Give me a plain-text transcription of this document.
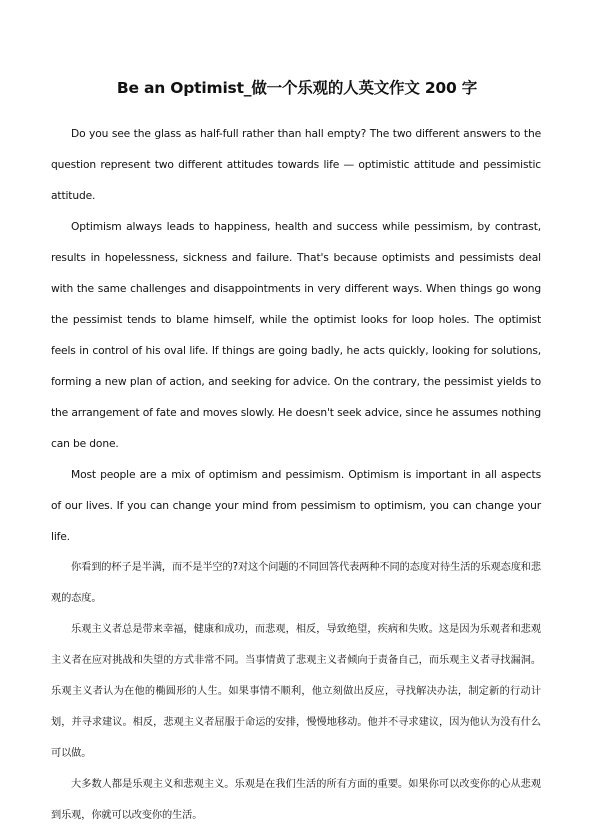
Be an Optimist_做一个乐观的人英文作文 200 字

Do you see the glass as half-full rather than hall empty? The two different answers to the question represent two different attitudes towards life — optimistic attitude and pessimistic attitude.

Optimism always leads to happiness, health and success while pessimism, by contrast, results in hopelessness, sickness and failure. That's because optimists and pessimists deal with the same challenges and disappointments in very different ways. When things go wong the pessimist tends to blame himself, while the optimist looks for loop holes. The optimist feels in control of his oval life. If things are going badly, he acts quickly, looking for solutions, forming a new plan of action, and seeking for advice. On the contrary, the pessimist yields to the arrangement of fate and moves slowly. He doesn't seek advice, since he assumes nothing can be done.

Most people are a mix of optimism and pessimism. Optimism is important in all aspects of our lives. If you can change your mind from pessimism to optimism, you can change your life.

你看到的杯子是半满，而不是半空的?对这个问题的不同回答代表两种不同的态度对待生活的乐观态度和悲观的态度。

乐观主义者总是带来幸福，健康和成功，而悲观，相反，导致绝望，疾病和失败。这是因为乐观者和悲观主义者在应对挑战和失望的方式非常不同。当事情黄了悲观主义者倾向于责备自己，而乐观主义者寻找漏洞。乐观主义者认为在他的椭圆形的人生。如果事情不顺利，他立刻做出反应，寻找解决办法，制定新的行动计划，并寻求建议。相反，悲观主义者屈服于命运的安排，慢慢地移动。他并不寻求建议，因为他认为没有什么可以做。

大多数人都是乐观主义和悲观主义。乐观是在我们生活的所有方面的重要。如果你可以改变你的心从悲观到乐观，你就可以改变你的生活。
